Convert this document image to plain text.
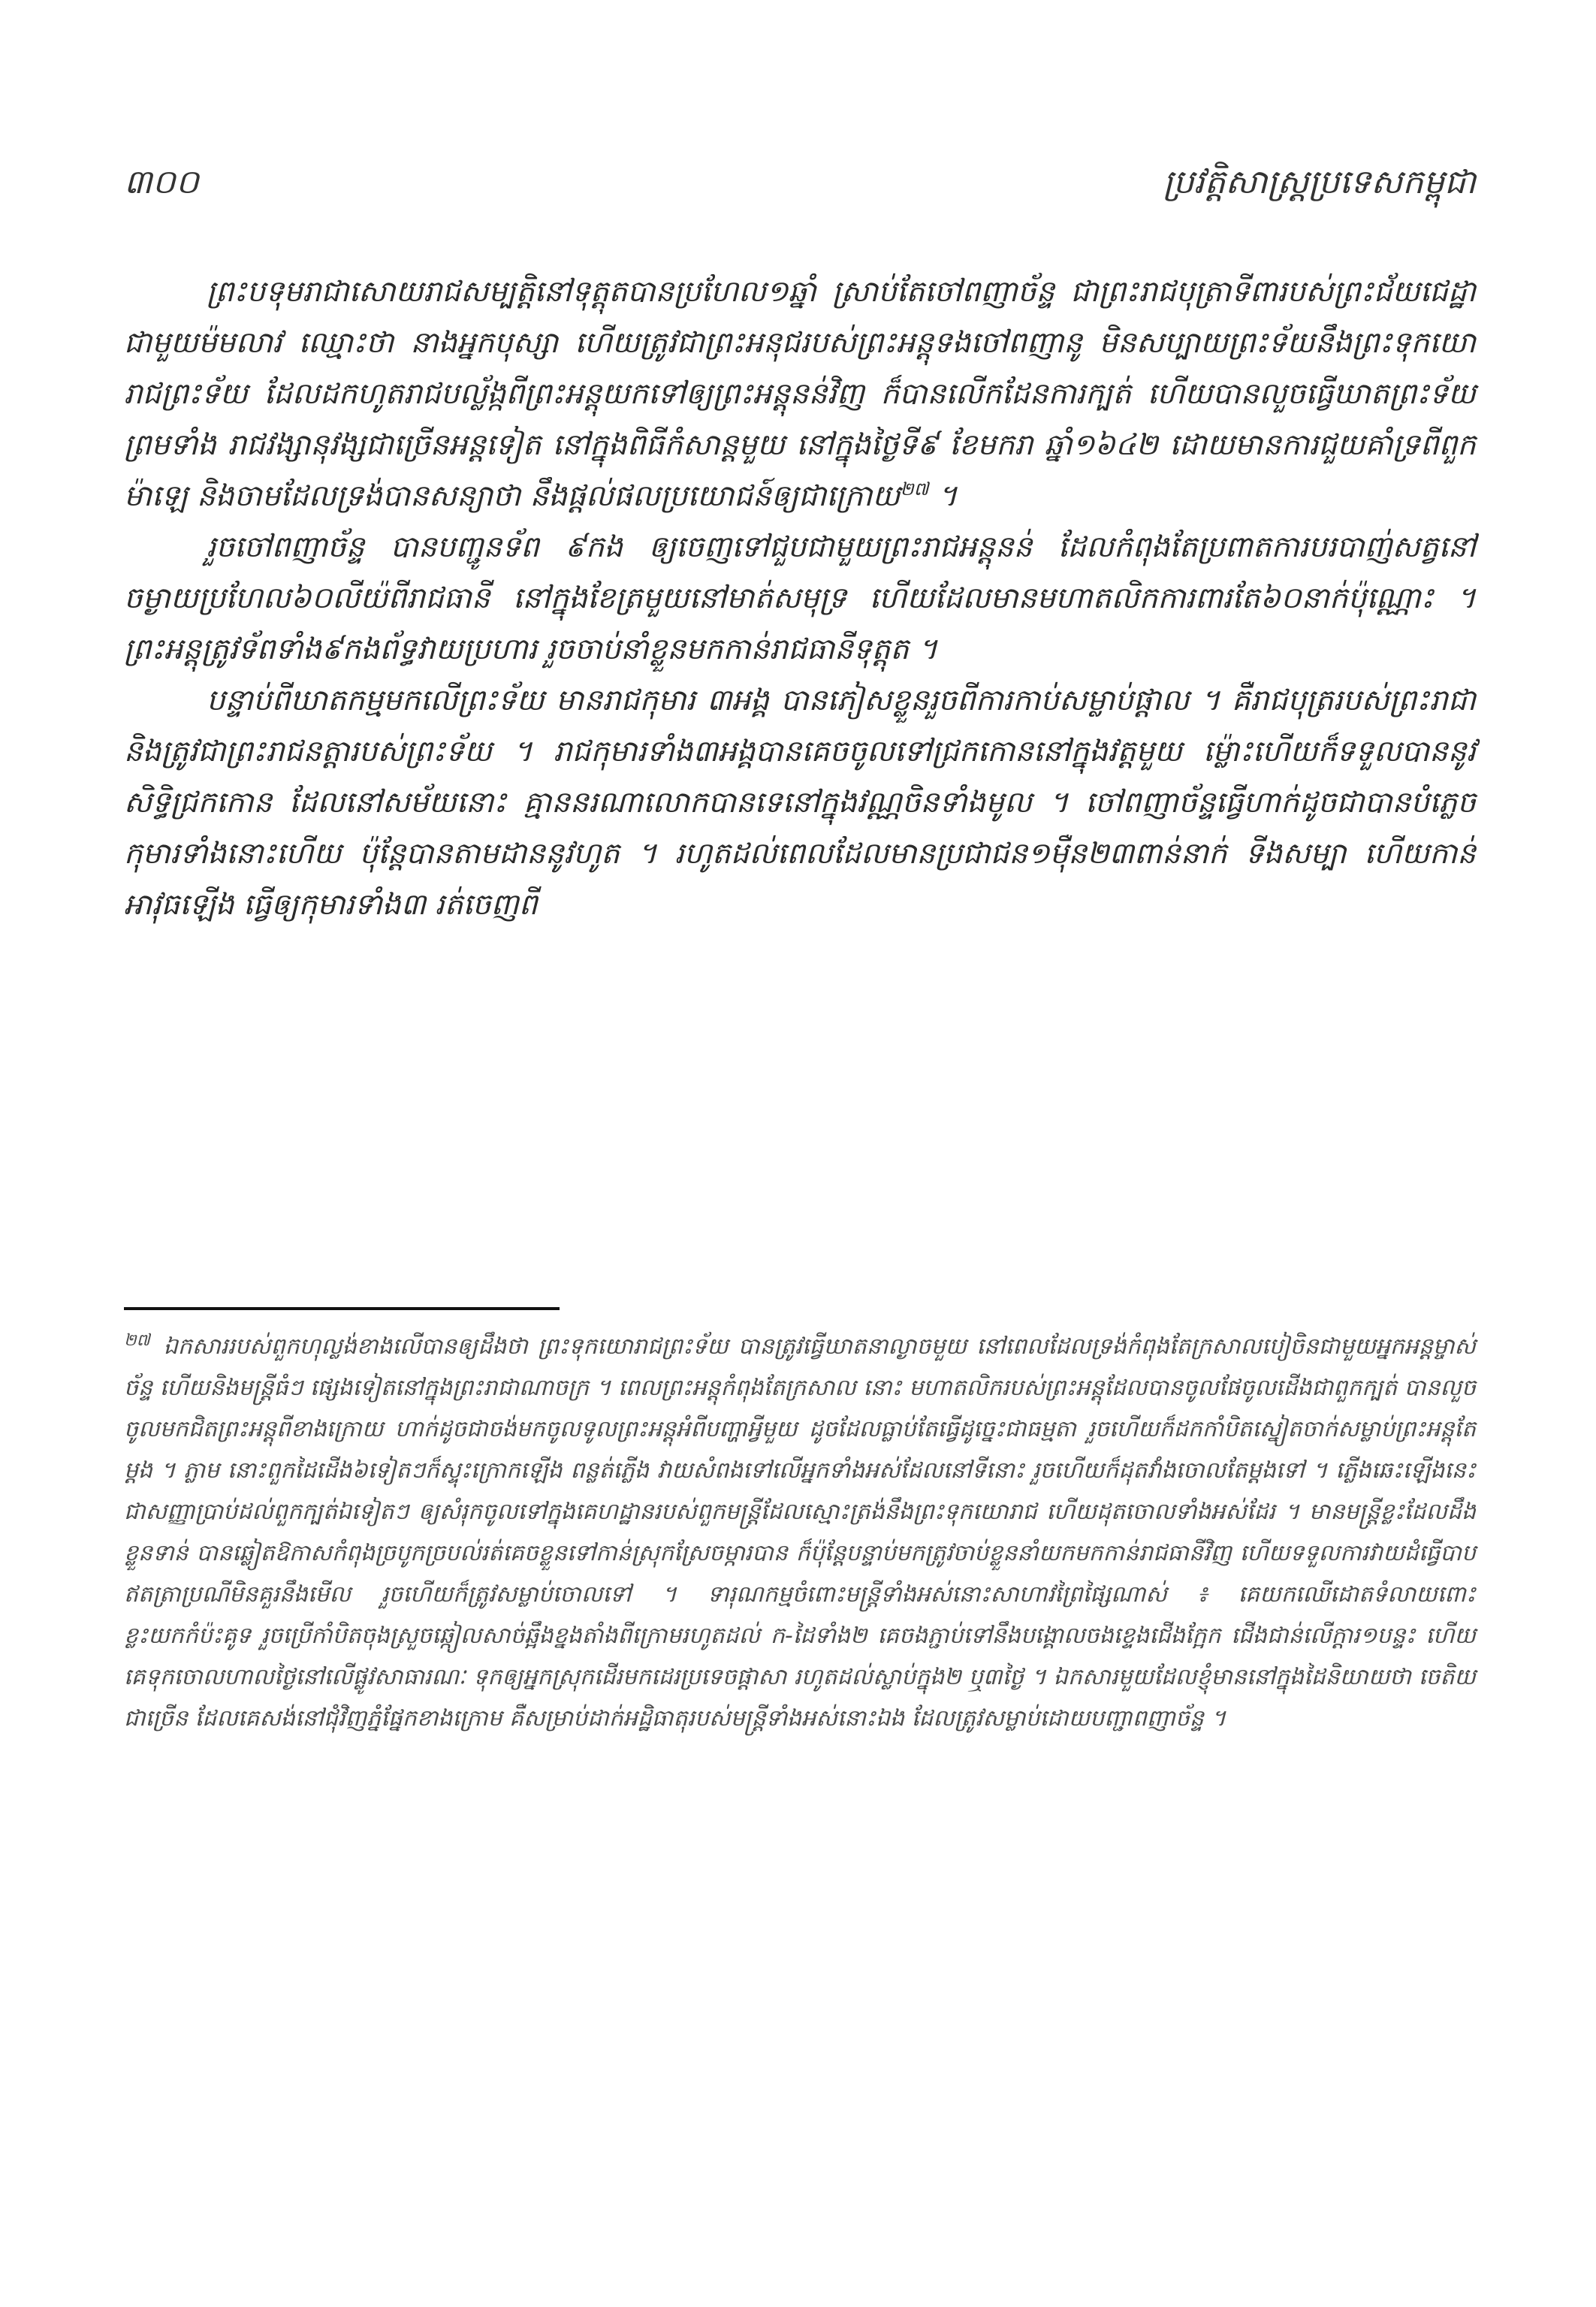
៣០០	ប្រវត្តិសាស្ត្រប្រទេសកម្ពុជា

ព្រះបទុមរាជាសោយរាជសម្បត្តិនៅទុត្តុតបានប្រហែល១ឆ្នាំ ស្រាប់តែចៅពញាច័ន្ទ ជាព្រះរាជបុត្រាទីពារបស់ព្រះជ័យជេដ្ឋាជាមួយម៉មលាវ ឈ្មោះថា នាងអ្នកបុស្សា ហើយត្រូវជាព្រះអនុជរបស់ព្រះអន្តុទងចៅពញានូ មិនសប្បាយព្រះទ័យនឹងព្រះទុកយោរាជព្រះទ័យ ដែលដកហូតរាជបល្ល័ង្កពីព្រះអន្តុយកទៅឲ្យព្រះអន្តុនន់វិញ ក៏បានលើកដែនការក្បត់ ហើយបានលួចធ្វើឃាតព្រះទ័យព្រមទាំង រាជវង្សានុវង្សជាច្រើនអន្តទៀត នៅក្នុងពិធីកំសាន្តមួយ នៅក្នុងថ្ងៃទី៩ ខែមករា ឆ្នាំ១៦៤២ ដោយមានការជួយគាំទ្រពីពួកម៉ាឡេ និងចាមដែលទ្រង់បានសន្យាថា នឹងផ្តល់ផលប្រយោជន៍ឲ្យជាក្រោយ$^{២៧}$ ។

រួចចៅពញាច័ន្ទ បានបញ្ជូនទ័ព ៩កង ឲ្យចេញទៅជួបជាមួយព្រះរាជអន្តុនន់ ដែលកំពុងតែប្រពាតការបរបាញ់សត្វនៅចម្ងាយប្រហែល៦០លីយ៉ពីរាជធានី នៅក្នុងខែត្រមួយនៅមាត់សមុទ្រ ហើយដែលមានមហាតលិកការពារតែ៦០នាក់ប៉ុណ្ណោះ ។ ព្រះអន្តុត្រូវទ័ពទាំង៩កងព័ទ្ធវាយប្រហារ រួចចាប់នាំខ្លួនមកកាន់រាជធានីទុត្តុត ។

បន្ទាប់ពីឃាតកម្មមកលើព្រះទ័យ មានរាជកុមារ ៣អង្គ បានភៀសខ្លួនរួចពីការកាប់សម្លាប់ផ្តាល ។ គឺរាជបុត្ររបស់ព្រះរាជា និងត្រូវជាព្រះរាជនត្តារបស់ព្រះទ័យ ។ រាជកុមារទាំង៣អង្គបានគេចចូលទៅជ្រកកោននៅក្នុងវត្តមួយ ម្ល៉ោះហើយក៏ទទួលបាននូវសិទ្ធិជ្រកកោន ដែលនៅសម័យនោះ គ្មាននរណាលោកបានទេនៅក្នុងវណ្ណចិនទាំងមូល ។ ចៅពញាច័ន្ទធ្វើហាក់ដូចជាបានបំភ្លេចកុមារទាំងនោះហើយ ប៉ុន្តែបានតាមដាននូវហូត ។ រហូតដល់ពេលដែលមានប្រជាជន១ម៉ឺន២៣ពាន់នាក់ ទីងសម្បា ហើយកាន់អាវុធឡើង ធ្វើឲ្យកុមារទាំង៣ រត់ចេញពី

$^{២៧}$ ឯកសាររបស់ពួកហុល្លង់ខាងលើបានឲ្យដឹងថា ព្រះទុកយោរាជព្រះទ័យ បានត្រូវធ្វើឃាតនាល្ងាចមួយ នៅពេលដែលទ្រង់កំពុងតែក្រសាលបៀចិនជាមួយអ្នកអន្តម្ចាស់ច័ន្ទ ហើយនិងមន្ត្រីធំៗ ផ្សេងទៀតនៅក្នុងព្រះរាជាណាចក្រ ។ ពេលព្រះអន្តុកំពុងតែក្រសាល នោះ មហាតលិករបស់ព្រះអន្តុដែលបានចូលផែចូលដើងជាពួកក្បត់ បានលួចចូលមកជិតព្រះអន្តុពីខាងក្រោយ ហាក់ដូចជាចង់មកចូលទូលព្រះអន្តុអំពីបញ្ហាអ្វីមួយ ដូចដែលធ្លាប់តែធ្វើដូច្នេះជាធម្មតា រួចហើយក៏ដកកាំបិតស្នៀតចាក់សម្លាប់ព្រះអន្តុតែម្តង ។ ភ្លាម នោះពួកដៃដើង៦ទៀតៗក៏ស្ទុះក្រោកឡើង ពន្លត់ភ្លើង វាយសំពងទៅលើអ្នកទាំងអស់ដែលនៅទីនោះ រួចហើយក៏ដុតវាំងចោលតែម្តងទៅ ។ ភ្លើងឆេះឡើងនេះ ជាសញ្ញាប្រាប់ដល់ពួកក្បត់ឯទៀតៗ ឲ្យសំរុកចូលទៅក្នុងគេហដ្ឋានរបស់ពួកមន្ត្រីដែលស្មោះត្រង់នឹងព្រះទុកយោរាជ ហើយដុតចោលទាំងអស់ដែរ ។ មានមន្ត្រីខ្លះដែលដឹងខ្លួនទាន់ បានឆ្លៀតឱកាសកំពុងច្របូកច្របល់រត់គេចខ្លួនទៅកាន់ស្រុកស្រែចម្ការបាន ក៏ប៉ុន្តែបន្ទាប់មកត្រូវចាប់ខ្លួននាំយកមកកាន់រាជធានីវិញ ហើយទទួលការវាយដំធ្វើបាបឥតត្រាប្រណីមិនគួរនឹងមើល រួចហើយក៏ត្រូវសម្លាប់ចោលទៅ ។ ទារុណកម្មចំពោះមន្ត្រីទាំងអស់នោះសាហាវព្រៃផ្សៃណាស់ ៖ គេយកឈើដោតទំលាយពោះ ខ្លះយកកំប៉ះគូទ រួចប្រើកាំបិតចុងស្រួចឆ្កៀលសាច់ឆ្អឹងខ្នងតាំងពីក្រោមរហូតដល់ ក-ដៃទាំង២ គេចងភ្ជាប់ទៅនឹងបង្គោលចងខ្ទេងជើងក្អែក ជើងជាន់លើក្តារ១បន្ទះ ហើយគេទុកចោលហាលថ្ងៃនៅលើផ្លូវសាធារណៈ ទុកឲ្យអ្នកស្រុកដើរមកដេរប្រទេចផ្តាសា រហូតដល់ស្លាប់ក្នុង២ ឬ៣ថ្ងៃ ។ ឯកសារមួយដែលខ្ញុំមាននៅក្នុងដៃនិយាយថា ចេតិយជាច្រើន ដែលគេសង់នៅជុំវិញភ្នំផ្នែកខាងក្រោម គឺសម្រាប់ដាក់អដ្ឋិធាតុរបស់មន្ត្រីទាំងអស់នោះឯង ដែលត្រូវសម្លាប់ដោយបញ្ជាពញាច័ន្ទ ។
